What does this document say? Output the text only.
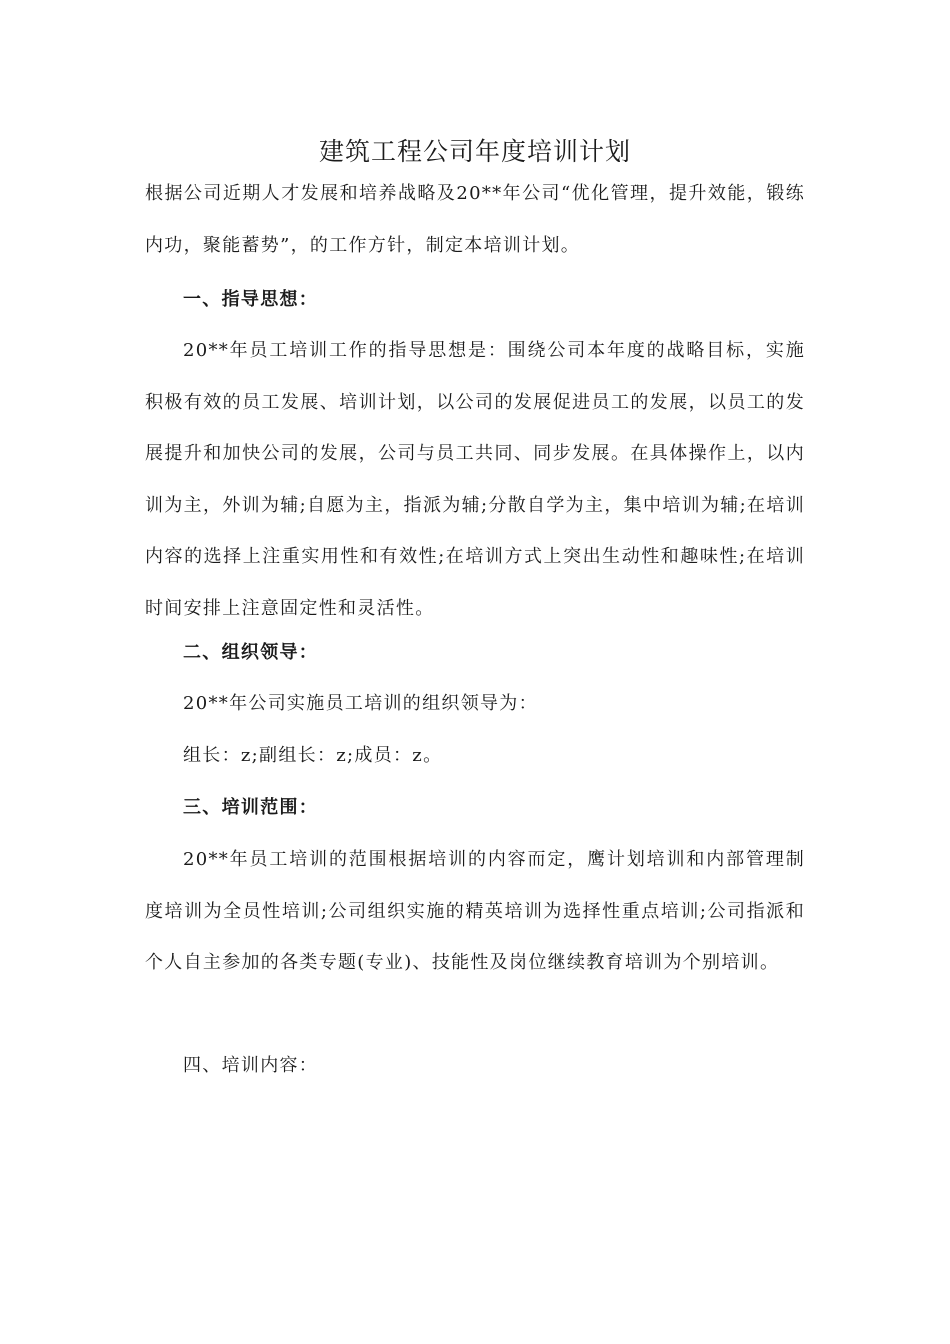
建筑工程公司年度培训计划

根据公司近期人才发展和培养战略及20**年公司“优化管理，提升效能，锻练内功，聚能蓄势”，的工作方针，制定本培训计划。

一、指导思想：

20**年员工培训工作的指导思想是：围绕公司本年度的战略目标，实施积极有效的员工发展、培训计划，以公司的发展促进员工的发展，以员工的发展提升和加快公司的发展，公司与员工共同、同步发展。在具体操作上，以内训为主，外训为辅;自愿为主，指派为辅;分散自学为主，集中培训为辅;在培训内容的选择上注重实用性和有效性;在培训方式上突出生动性和趣味性;在培训时间安排上注意固定性和灵活性。

二、组织领导：
20**年公司实施员工培训的组织领导为：
组长：z;副组长：z;成员：z。
三、培训范围：

20**年员工培训的范围根据培训的内容而定，鹰计划培训和内部管理制度培训为全员性培训;公司组织实施的精英培训为选择性重点培训;公司指派和个人自主参加的各类专题(专业)、技能性及岗位继续教育培训为个别培训。

四、培训内容：
